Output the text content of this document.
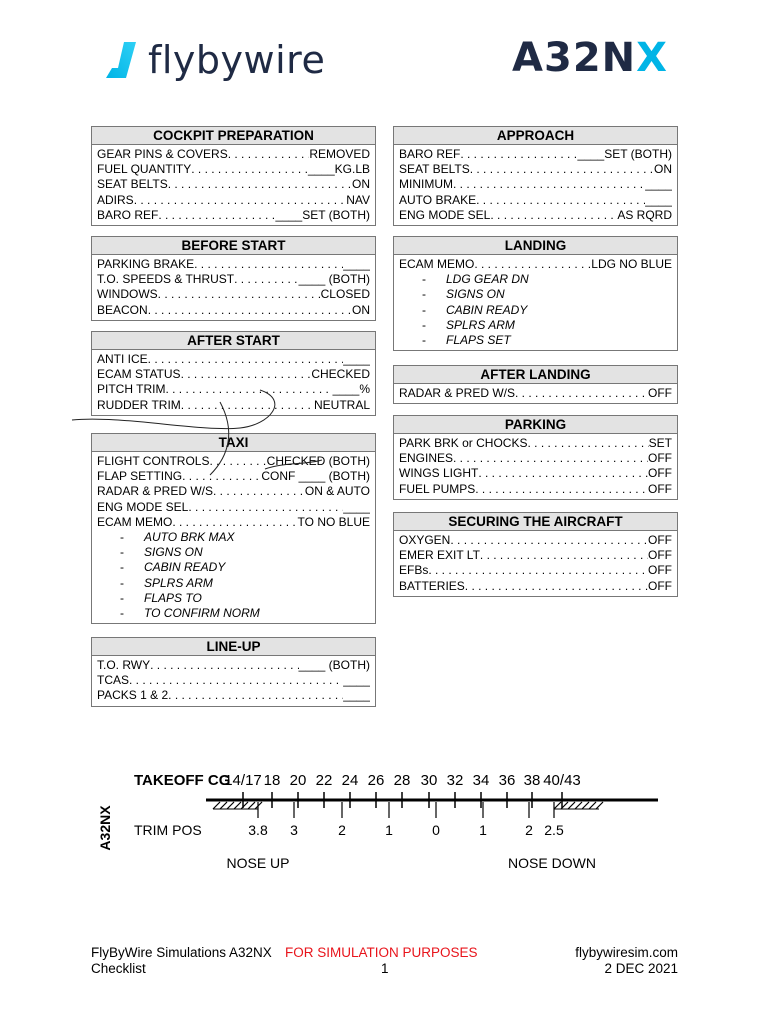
flybywire	A32NX
COCKPIT PREPARATION
GEAR PINS & COVERS . . .	REMOVED
FUEL QUANTITY . . .	____KG.LB
SEAT BELTS . . .	ON
ADIRS . . .	NAV
BARO REF . . .	____SET (BOTH)
BEFORE START
PARKING BRAKE . . .	____
T.O. SPEEDS & THRUST . . .	____ (BOTH)
WINDOWS . . .	CLOSED
BEACON . . .	ON
AFTER START
ANTI ICE . . .	____
ECAM STATUS . . .	CHECKED
PITCH TRIM . . .	____%
RUDDER TRIM . . .	NEUTRAL
TAXI
FLIGHT CONTROLS . . .	CHECKED (BOTH)
FLAP SETTING . . .	CONF ____ (BOTH)
RADAR & PRED W/S . . .	ON & AUTO
ENG MODE SEL . . .	____
ECAM MEMO . . .	TO NO BLUE
- AUTO BRK MAX
- SIGNS ON
- CABIN READY
- SPLRS ARM
- FLAPS TO
- TO CONFIRM NORM
LINE-UP
T.O. RWY . . .	____ (BOTH)
TCAS . . .	____
PACKS 1 & 2 . . .	____
APPROACH
BARO REF . . .	____SET (BOTH)
SEAT BELTS . . .	ON
MINIMUM . . .	____
AUTO BRAKE . . .	____
ENG MODE SEL . . .	AS RQRD
LANDING
ECAM MEMO . . .	LDG NO BLUE
- LDG GEAR DN
- SIGNS ON
- CABIN READY
- SPLRS ARM
- FLAPS SET
AFTER LANDING
RADAR & PRED W/S . . .	OFF
PARKING
PARK BRK or CHOCKS . . .	SET
ENGINES . . .	OFF
WINGS LIGHT . . .	OFF
FUEL PUMPS . . .	OFF
SECURING THE AIRCRAFT
OXYGEN . . .	OFF
EMER EXIT LT . . .	OFF
EFBs . . .	OFF
BATTERIES . . .	OFF
A32NX
TAKEOFF CG
TRIM POS
14/17 18 20 22 24 26 28 30 32 34 36 38 40/43
3.8 3	2	1	0	1	2 2.5
NOSE UP	NOSE DOWN
FlyByWire Simulations A32NX FOR SIMULATION PURPOSES	flybywiresim.com
Checklist	1	2 DEC 2021
